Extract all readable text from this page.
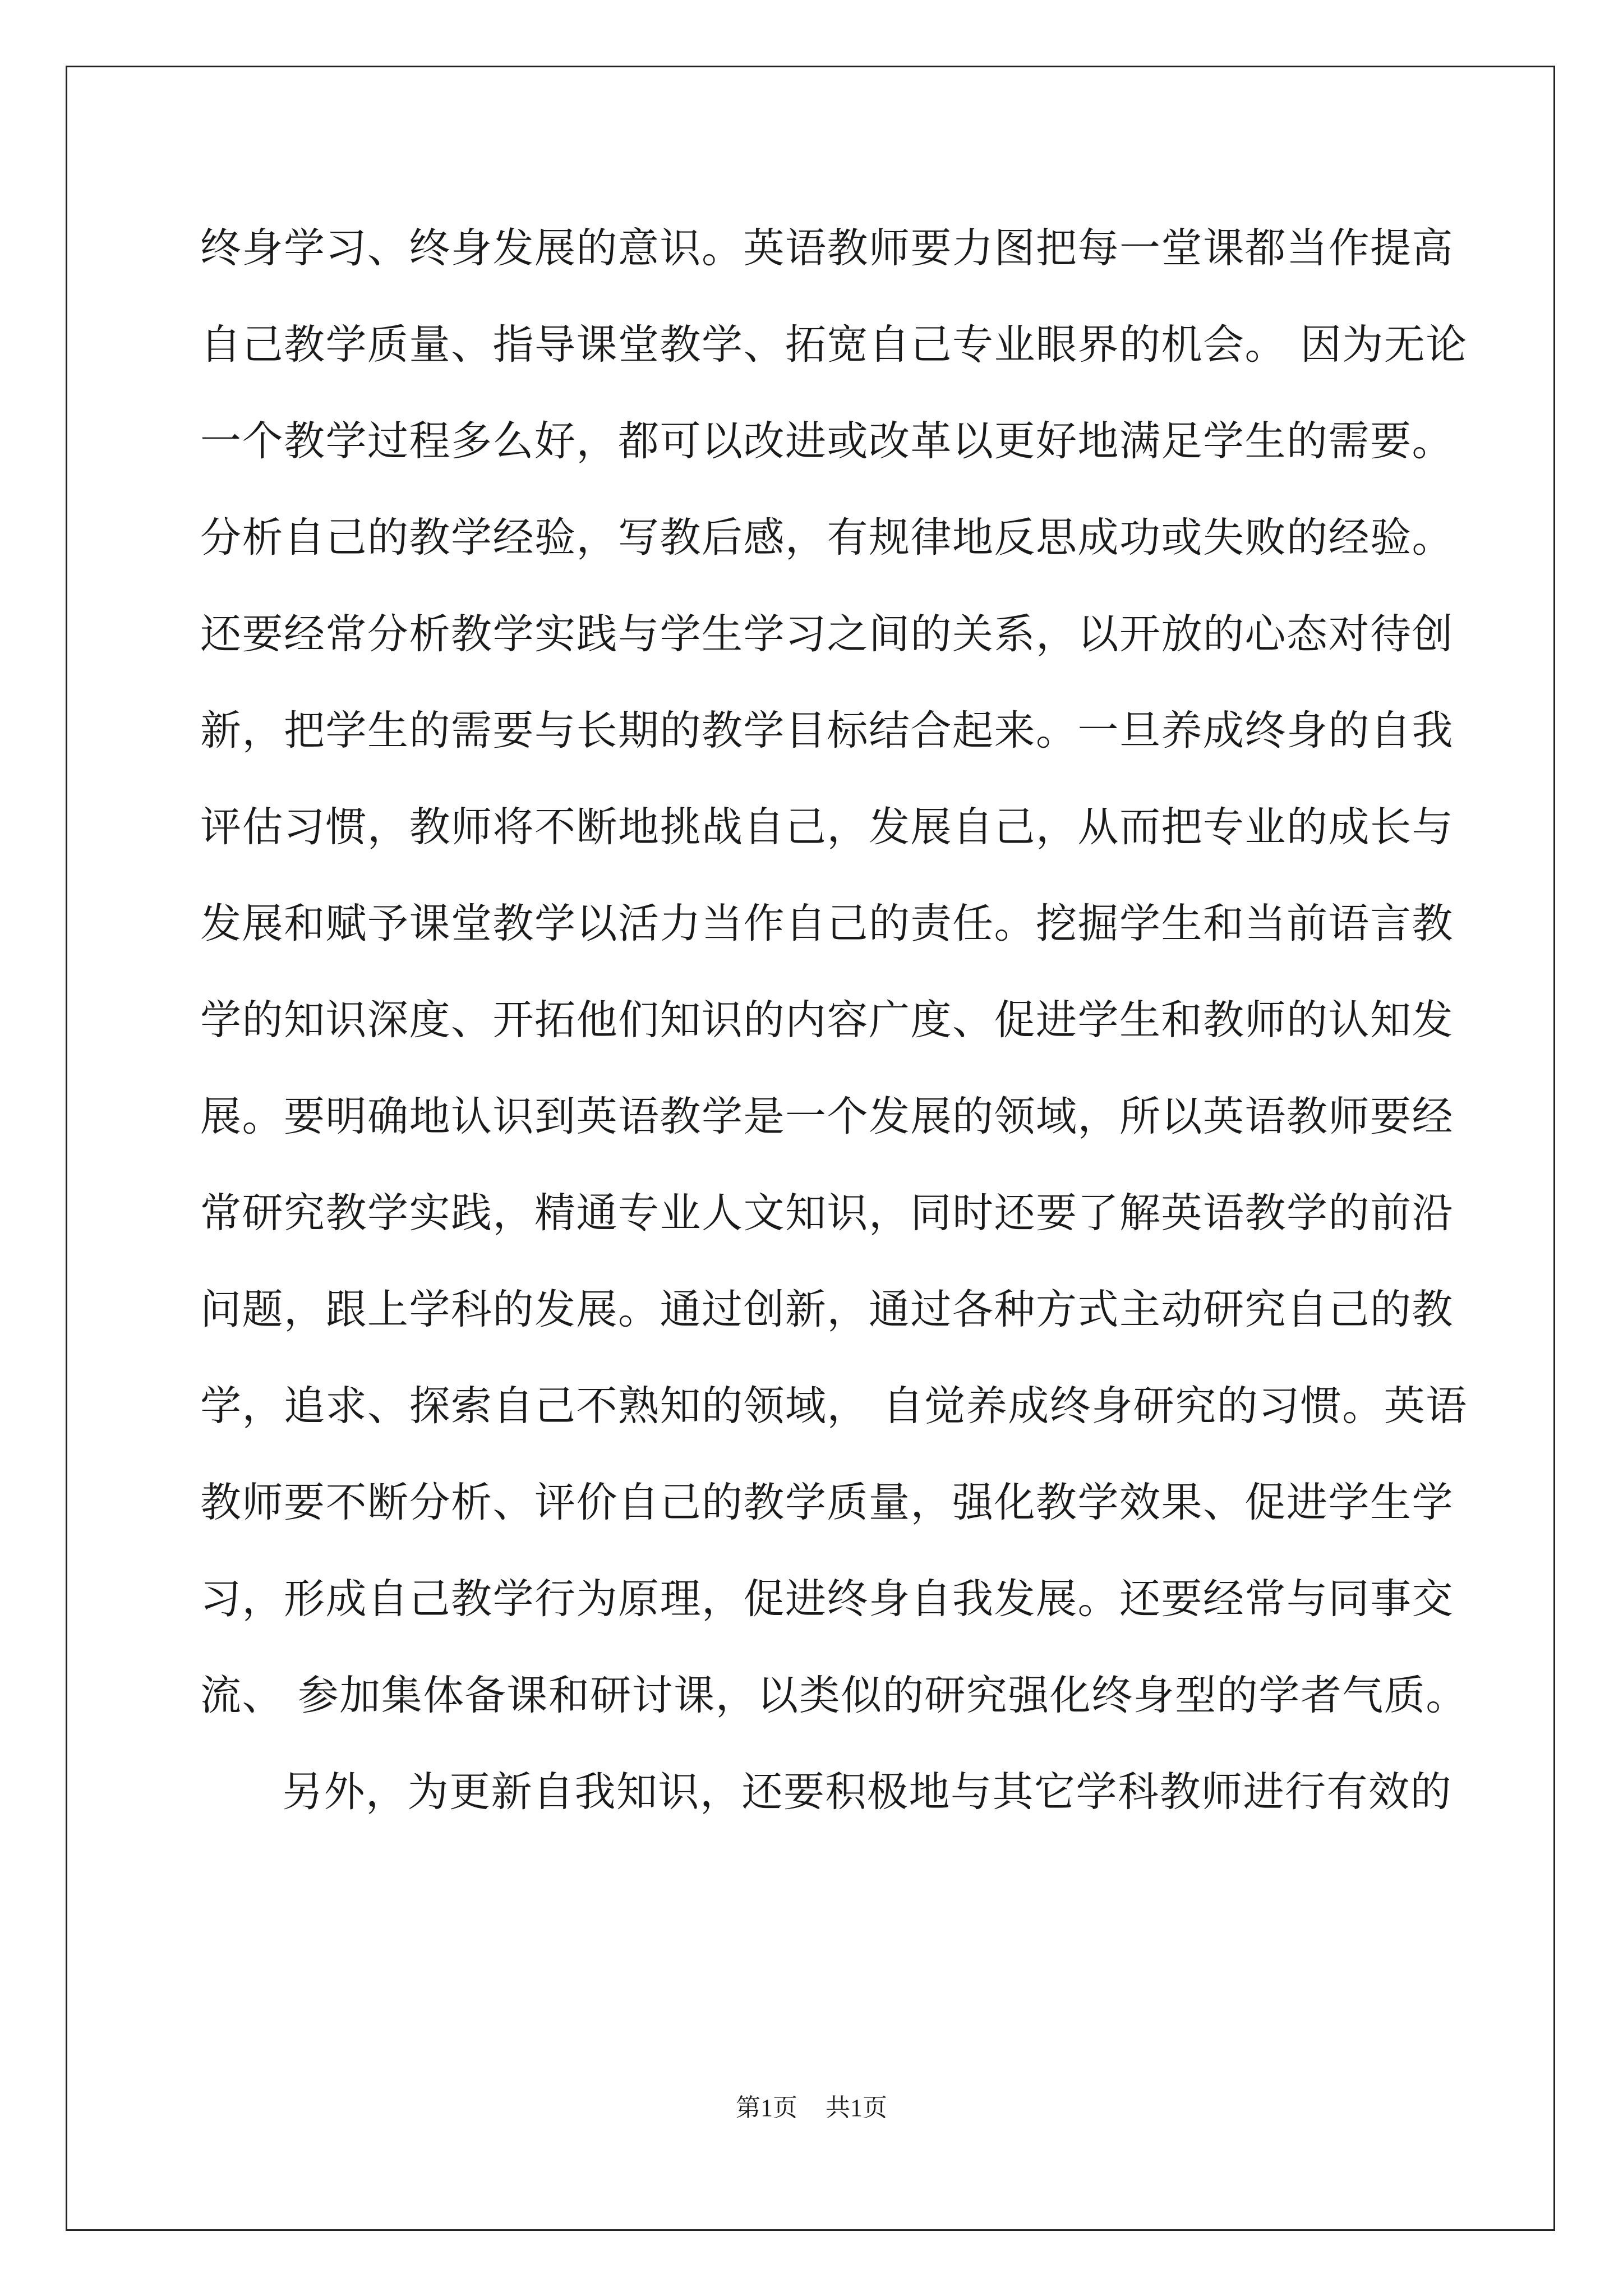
终身学习、终身发展的意识。英语教师要力图把每一堂课都当作提高
自己教学质量、指导课堂教学、拓宽自己专业眼界的机会。 因为无论
一个教学过程多么好，都可以改进或改革以更好地满足学生的需要。
分析自己的教学经验，写教后感，有规律地反思成功或失败的经验。
还要经常分析教学实践与学生学习之间的关系，以开放的心态对待创
新，把学生的需要与长期的教学目标结合起来。一旦养成终身的自我
评估习惯，教师将不断地挑战自己，发展自己，从而把专业的成长与
发展和赋予课堂教学以活力当作自己的责任。挖掘学生和当前语言教
学的知识深度、开拓他们知识的内容广度、促进学生和教师的认知发
展。要明确地认识到英语教学是一个发展的领域，所以英语教师要经
常研究教学实践，精通专业人文知识，同时还要了解英语教学的前沿
问题，跟上学科的发展。通过创新，通过各种方式主动研究自己的教
学，追求、探索自己不熟知的领域， 自觉养成终身研究的习惯。英语
教师要不断分析、评价自己的教学质量，强化教学效果、促进学生学
习，形成自己教学行为原理，促进终身自我发展。还要经常与同事交
流、 参加集体备课和研讨课，以类似的研究强化终身型的学者气质。
另外，为更新自我知识，还要积极地与其它学科教师进行有效的
第1页 共1页
